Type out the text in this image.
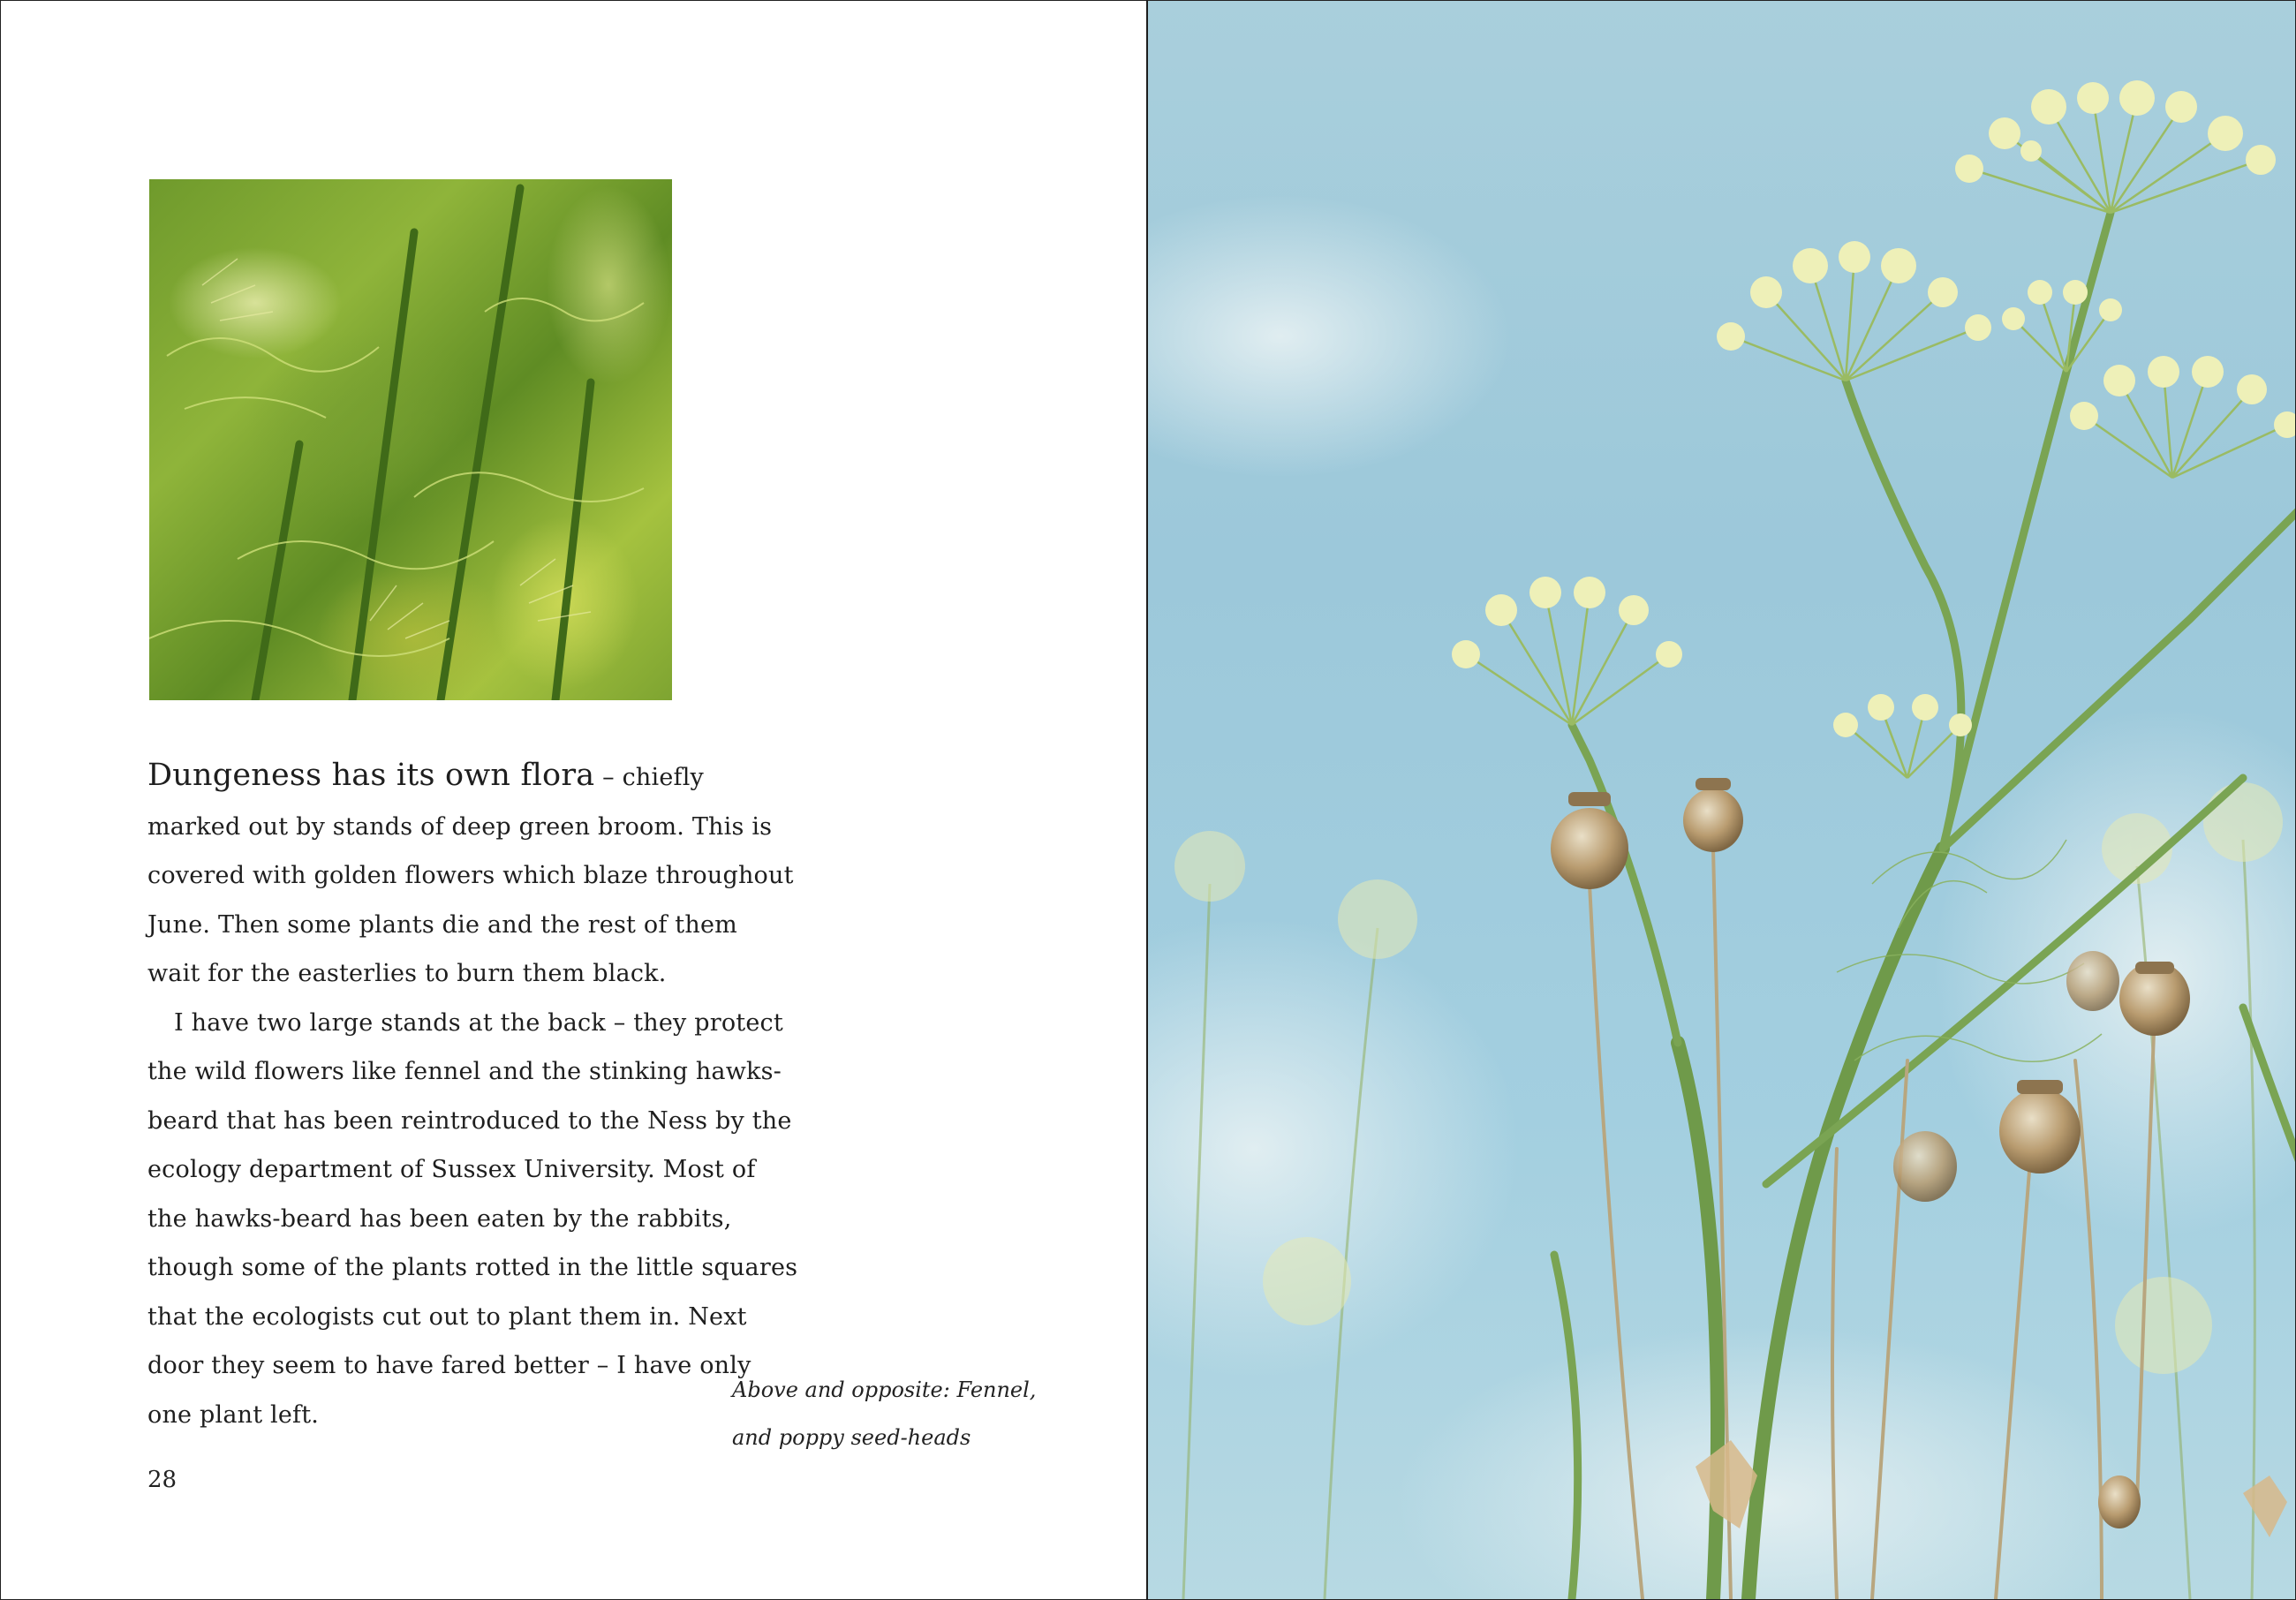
Dungeness has its own flora – chiefly
marked out by stands of deep green broom. This is
covered with golden flowers which blaze throughout
June. Then some plants die and the rest of them
wait for the easterlies to burn them black.

I have two large stands at the back – they protect
the wild flowers like fennel and the stinking hawks-
beard that has been reintroduced to the Ness by the
ecology department of Sussex University. Most of
the hawks-beard has been eaten by the rabbits,
though some of the plants rotted in the little squares
that the ecologists cut out to plant them in. Next
door they seem to have fared better – I have only
one plant left.

Above and opposite: Fennel,
and poppy seed-heads
28
